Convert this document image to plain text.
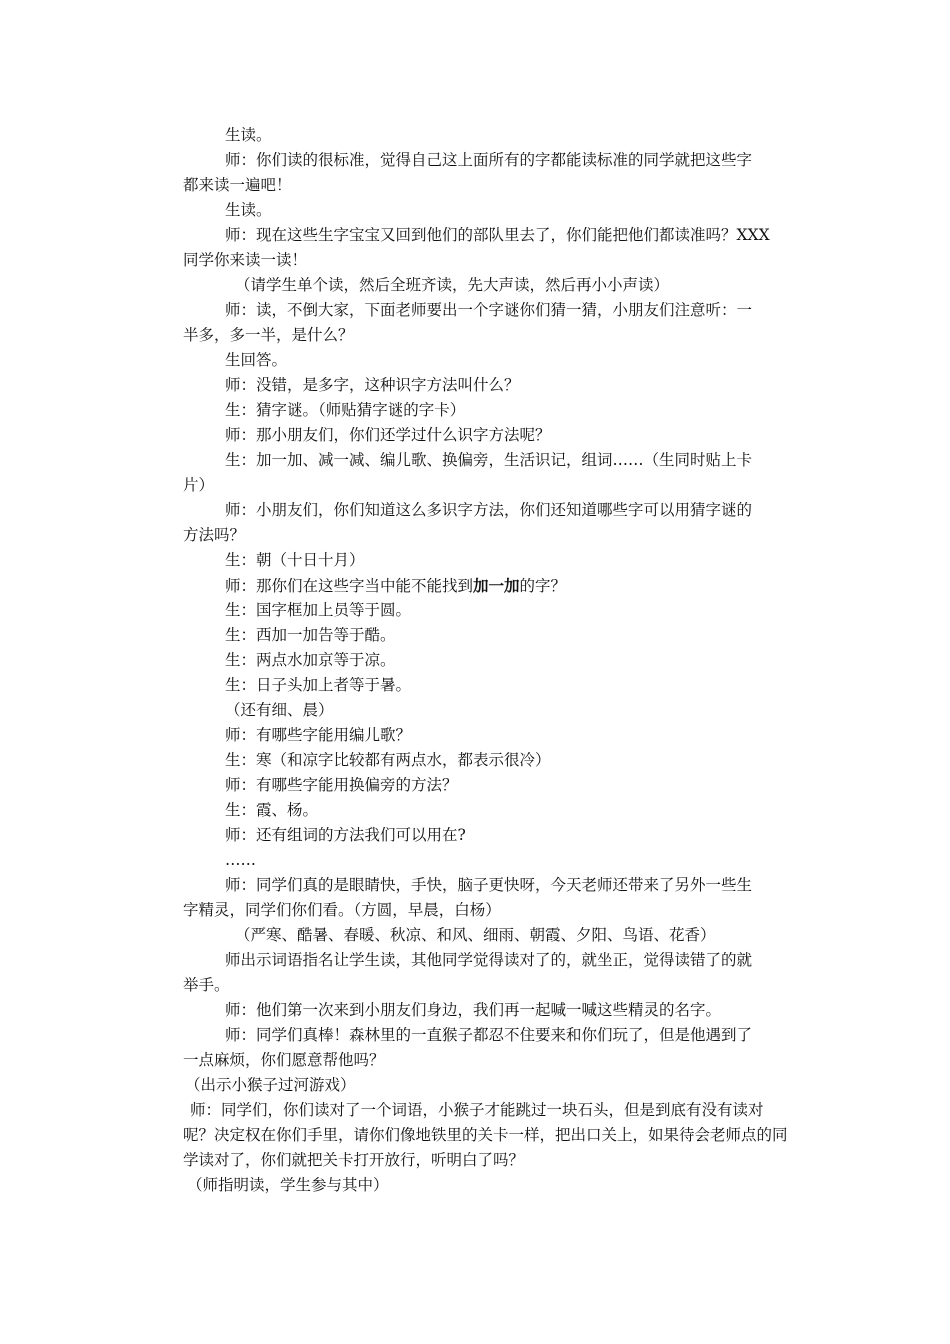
生读。
师：你们读的很标准，觉得自己这上面所有的字都能读标准的同学就把这些字
都来读一遍吧！
生读。
师：现在这些生字宝宝又回到他们的部队里去了，你们能把他们都读准吗？XXX
同学你来读一读！
（请学生单个读，然后全班齐读，先大声读，然后再小小声读）
师：读，不倒大家，下面老师要出一个字谜你们猜一猜，小朋友们注意听：一
半多，多一半，是什么？
生回答。
师：没错，是多字，这种识字方法叫什么？
生：猜字谜。（师贴猜字谜的字卡）
师：那小朋友们，你们还学过什么识字方法呢？
生：加一加、减一减、编儿歌、换偏旁，生活识记，组词……（生同时贴上卡
片）
师：小朋友们，你们知道这么多识字方法，你们还知道哪些字可以用猜字谜的
方法吗？
生：朝（十日十月）
师：那你们在这些字当中能不能找到加一加的字？
生：国字框加上员等于圆。
生：西加一加告等于酷。
生：两点水加京等于凉。
生：日子头加上者等于暑。
（还有细、晨）
师：有哪些字能用编儿歌？
生：寒（和凉字比较都有两点水，都表示很冷）
师：有哪些字能用换偏旁的方法？
生：霞、杨。
师：还有组词的方法我们可以用在?
……
师：同学们真的是眼睛快，手快，脑子更快呀，今天老师还带来了另外一些生
字精灵，同学们你们看。（方圆，早晨，白杨）
（严寒、酷暑、春暖、秋凉、和风、细雨、朝霞、夕阳、鸟语、花香）
师出示词语指名让学生读，其他同学觉得读对了的，就坐正，觉得读错了的就
举手。
师：他们第一次来到小朋友们身边，我们再一起喊一喊这些精灵的名字。
师：同学们真棒！森林里的一直猴子都忍不住要来和你们玩了，但是他遇到了
一点麻烦，你们愿意帮他吗？
（出示小猴子过河游戏）
师：同学们，你们读对了一个词语，小猴子才能跳过一块石头，但是到底有没有读对
呢？决定权在你们手里，请你们像地铁里的关卡一样，把出口关上，如果待会老师点的同
学读对了，你们就把关卡打开放行，听明白了吗？
（师指明读，学生参与其中）
